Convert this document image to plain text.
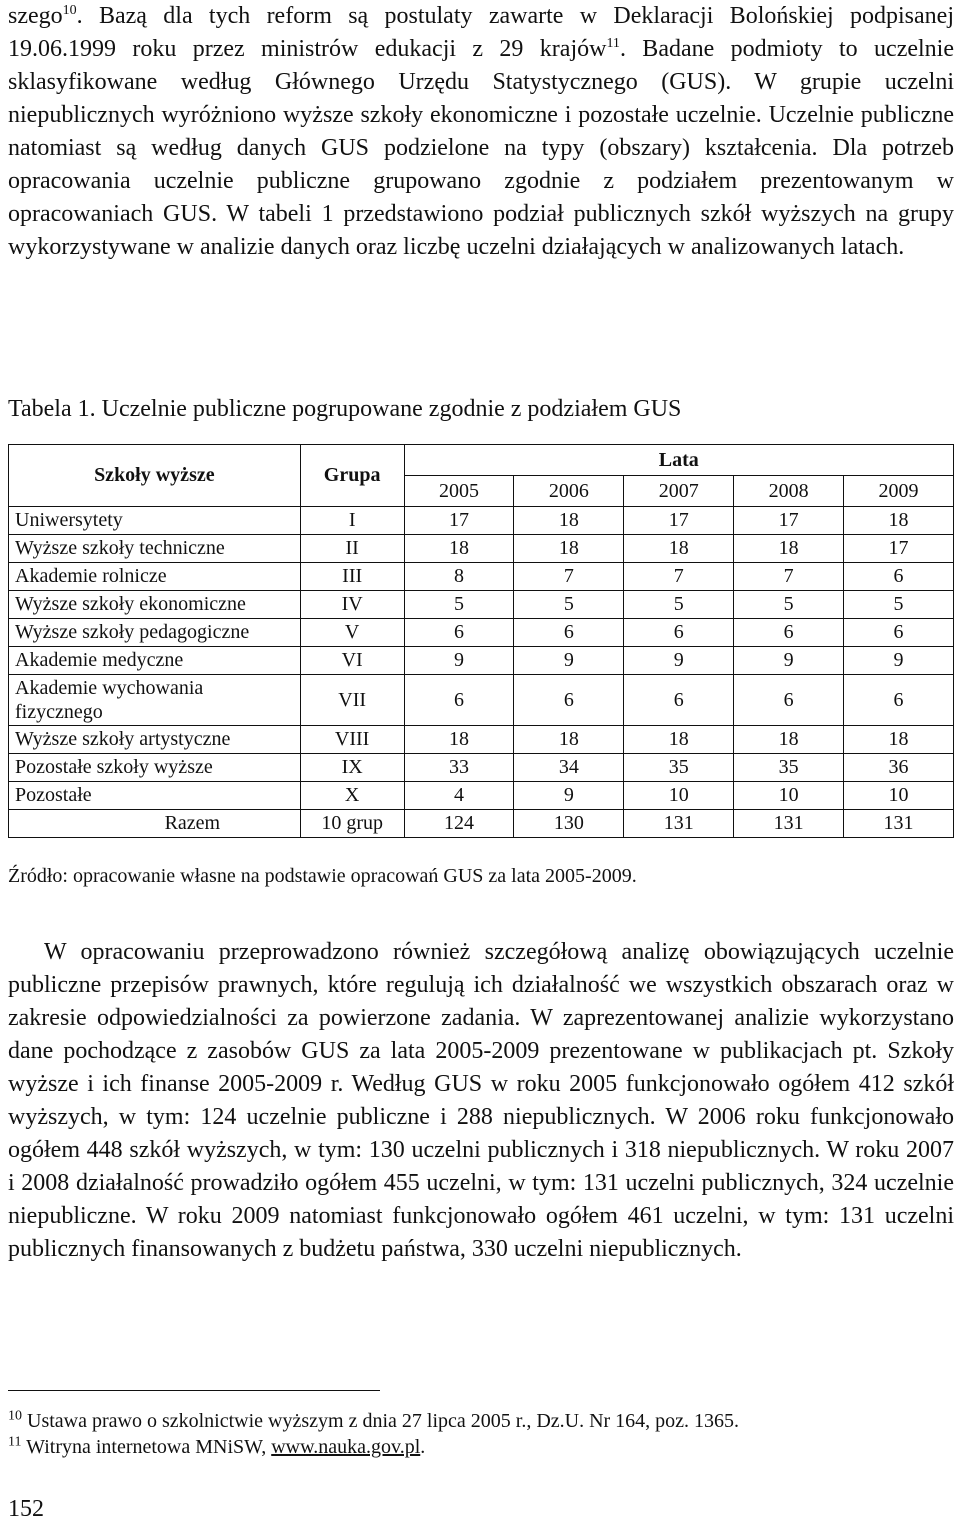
szego$^{10}$. Bazą dla tych reform są postulaty zawarte w Deklaracji Bolońskiej podpisanej 19.06.1999 roku przez ministrów edukacji z 29 krajów$^{11}$. Badane podmioty to uczelnie sklasyfikowane według Głównego Urzędu Statystycznego (GUS). W grupie uczelni niepublicznych wyróżniono wyższe szkoły ekonomiczne i pozostałe uczelnie. Uczelnie publiczne natomiast są według danych GUS podzielone na typy (obszary) kształcenia. Dla potrzeb opracowania uczelnie publiczne grupowano zgodnie z podziałem prezentowanym w opracowaniach GUS. W tabeli 1 przedstawiono podział publicznych szkół wyższych na grupy wykorzystywane w analizie danych oraz liczbę uczelni działających w analizowanych latach.

Tabela 1. Uczelnie publiczne pogrupowane zgodnie z podziałem GUS

Szkoły wyższe	Grupa	Lata				
		2005	2006	2007	2008	2009
Uniwersytety	I	17	18	17	17	18
Wyższe szkoły techniczne	II	18	18	18	18	17
Akademie rolnicze	III	8	7	7	7	6
Wyższe szkoły ekonomiczne	IV	5	5	5	5	5
Wyższe szkoły pedagogiczne	V	6	6	6	6	6
Akademie medyczne	VI	9	9	9	9	9
Akademie wychowania fizycznego	VII	6	6	6	6	6
Wyższe szkoły artystyczne	VIII	18	18	18	18	18
Pozostałe szkoły wyższe	IX	33	34	35	35	36
Pozostałe	X	4	9	10	10	10
Razem	10 grup	124	130	131	131	131

Źródło: opracowanie własne na podstawie opracowań GUS za lata 2005-2009.

W opracowaniu przeprowadzono również szczegółową analizę obowiązujących uczelnie publiczne przepisów prawnych, które regulują ich działalność we wszystkich obszarach oraz w zakresie odpowiedzialności za powierzone zadania. W zaprezentowanej analizie wykorzystano dane pochodzące z zasobów GUS za lata 2005-2009 prezentowane w publikacjach pt. Szkoły wyższe i ich finanse 2005-2009 r. Według GUS w roku 2005 funkcjonowało ogółem 412 szkół wyższych, w tym: 124 uczelnie publiczne i 288 niepublicznych. W 2006 roku funkcjonowało ogółem 448 szkół wyższych, w tym: 130 uczelni publicznych i 318 niepublicznych. W roku 2007 i 2008 działalność prowadziło ogółem 455 uczelni, w tym: 131 uczelni publicznych, 324 uczelnie niepubliczne. W roku 2009 natomiast funkcjonowało ogółem 461 uczelni, w tym: 131 uczelni publicznych finansowanych z budżetu państwa, 330 uczelni niepublicznych.

$^{10}$ Ustawa prawo o szkolnictwie wyższym z dnia 27 lipca 2005 r., Dz.U. Nr 164, poz. 1365.

$^{11}$ Witryna internetowa MNiSW, www.nauka.gov.pl.

152
